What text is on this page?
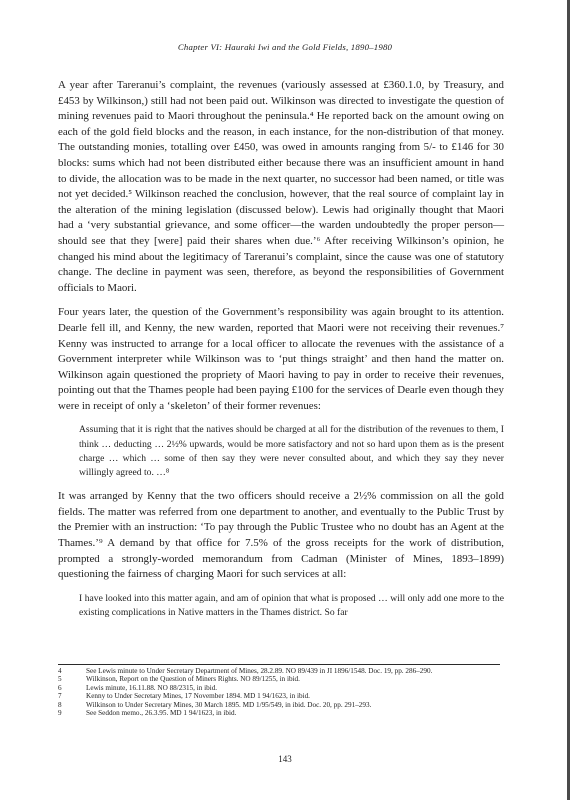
Chapter VI: Hauraki Iwi and the Gold Fields, 1890–1980

A year after Tareranui’s complaint, the revenues (variously assessed at £360.1.0, by Treasury, and £453 by Wilkinson,) still had not been paid out. Wilkinson was directed to investigate the question of mining revenues paid to Maori throughout the peninsula.⁴ He reported back on the amount owing on each of the gold field blocks and the reason, in each instance, for the non-distribution of that money. The outstanding monies, totalling over £450, was owed in amounts ranging from 5/- to £146 for 30 blocks: sums which had not been distributed either because there was an insufficient amount in hand to divide, the allocation was to be made in the next quarter, no successor had been named, or title was not yet decided.⁵ Wilkinson reached the conclusion, however, that the real source of complaint lay in the alteration of the mining legislation (discussed below). Lewis had originally thought that Maori had a ‘very substantial grievance, and some officer—the warden undoubtedly the proper person—should see that they [were] paid their shares when due.’⁶ After receiving Wilkinson’s opinion, he changed his mind about the legitimacy of Tareranui’s complaint, since the cause was one of statutory change. The decline in payment was seen, therefore, as beyond the responsibilities of Government officials to Maori.

Four years later, the question of the Government’s responsibility was again brought to its attention. Dearle fell ill, and Kenny, the new warden, reported that Maori were not receiving their revenues.⁷ Kenny was instructed to arrange for a local officer to allocate the revenues with the assistance of a Government interpreter while Wilkinson was to ‘put things straight’ and then hand the matter on. Wilkinson again questioned the propriety of Maori having to pay in order to receive their revenues, pointing out that the Thames people had been paying £100 for the services of Dearle even though they were in receipt of only a ‘skeleton’ of their former revenues:

Assuming that it is right that the natives should be charged at all for the distribution of the revenues to them, I think … deducting … 2½% upwards, would be more satisfactory and not so hard upon them as is the present charge … which … some of then say they were never consulted about, and which they say they never willingly agreed to. …⁸

It was arranged by Kenny that the two officers should receive a 2½% commission on all the gold fields. The matter was referred from one department to another, and eventually to the Public Trust by the Premier with an instruction: ‘To pay through the Public Trustee who no doubt has an Agent at the Thames.’⁹ A demand by that office for 7.5% of the gross receipts for the work of distribution, prompted a strongly-worded memorandum from Cadman (Minister of Mines, 1893–1899) questioning the fairness of charging Maori for such services at all:

I have looked into this matter again, and am of opinion that what is proposed … will only add one more to the existing complications in Native matters in the Thames district. So far

4	See Lewis minute to Under Secretary Department of Mines, 28.2.89. NO 89/439 in JI 1896/1548. Doc. 19, pp. 286–290.
5	Wilkinson, Report on the Question of Miners Rights. NO 89/1255, in ibid.
6	Lewis minute, 16.11.88. NO 88/2315, in ibid.
7	Kenny to Under Secretary Mines, 17 November 1894. MD 1 94/1623, in ibid.
8	Wilkinson to Under Secretary Mines, 30 March 1895. MD 1/95/549, in ibid. Doc. 20, pp. 291–293.
9	See Seddon memo., 26.3.95. MD 1 94/1623, in ibid.
143
